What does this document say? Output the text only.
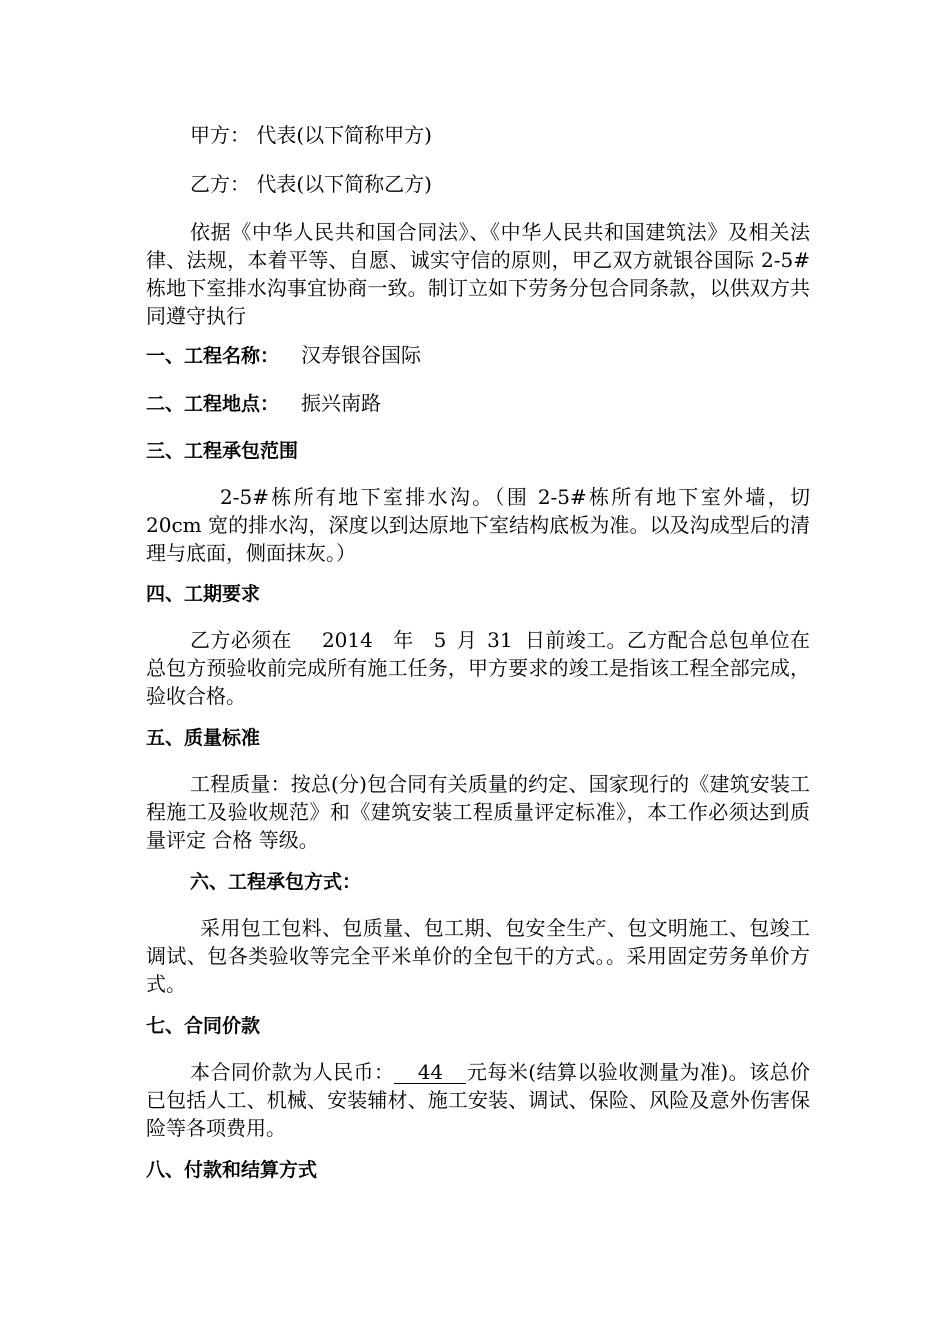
甲方： 代表(以下简称甲方)
乙方： 代表(以下简称乙方)
依据《中华人民共和国合同法》、《中华人民共和国建筑法》及相关法律、法规，本着平等、自愿、诚实守信的原则，甲乙双方就银谷国际 2-5#栋地下室排水沟事宜协商一致。制订立如下劳务分包合同条款，以供双方共同遵守执行
一、工程名称： 汉寿银谷国际
二、工程地点： 振兴南路
三、工程承包范围
2-5#栋所有地下室排水沟。（围 2-5#栋所有地下室外墙，切 20cm 宽的排水沟，深度以到达原地下室结构底板为准。以及沟成型后的清理与底面，侧面抹灰。）
四、工期要求
乙方必须在 2014 年 5 月 31 日前竣工。乙方配合总包单位在总包方预验收前完成所有施工任务，甲方要求的竣工是指该工程全部完成，验收合格。
五、质量标准
工程质量：按总(分)包合同有关质量的约定、国家现行的《建筑安装工程施工及验收规范》和《建筑安装工程质量评定标准》，本工作必须达到质量评定 合格 等级。
六、工程承包方式：
采用包工包料、包质量、包工期、包安全生产、包文明施工、包竣工调试、包各类验收等完全平米单价的全包干的方式。。采用固定劳务单价方式。
七、合同价款
本合同价款为人民币： 44 元每米(结算以验收测量为准)。该总价已包括人工、机械、安装辅材、施工安装、调试、保险、风险及意外伤害保险等各项费用。
八、付款和结算方式
